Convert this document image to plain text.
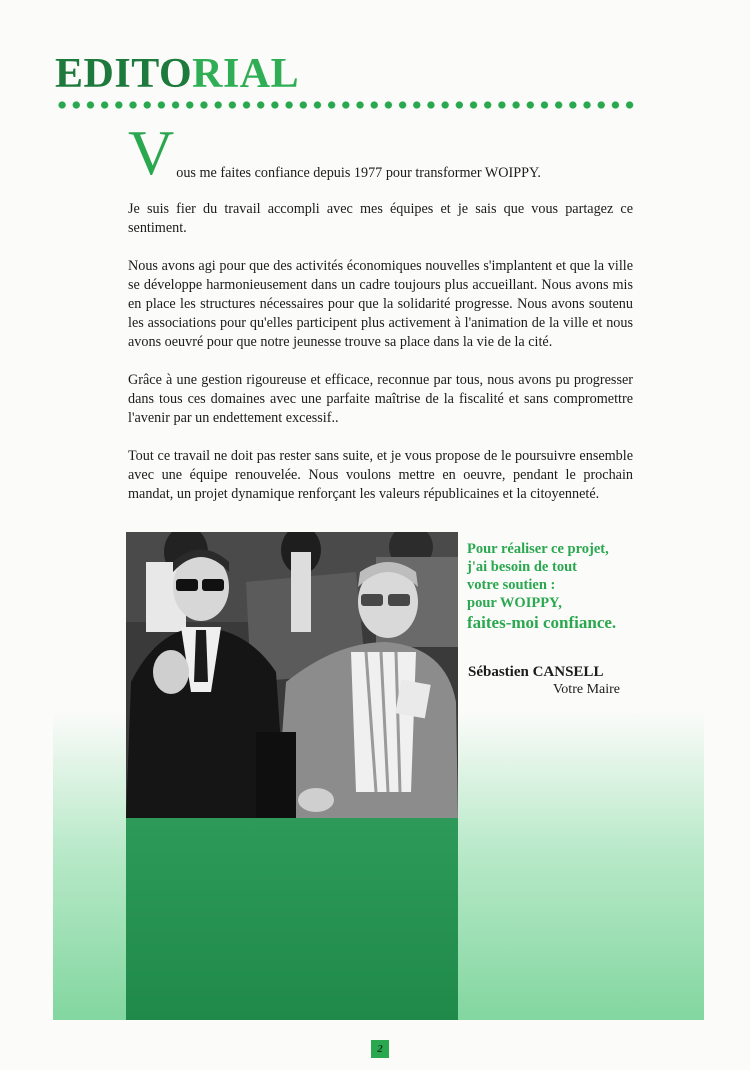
EDITORIAL
V ous me faites confiance depuis 1977 pour transformer WOIPPY.

Je suis fier du travail accompli avec mes équipes et je sais que vous partagez ce sentiment.

Nous avons agi pour que des activités économiques nouvelles s'implantent et que la ville se développe harmonieusement dans un cadre toujours plus accueillant. Nous avons mis en place les structures nécessaires pour que la solidarité progresse. Nous avons soutenu les associations pour qu'elles participent plus activement à l'animation de la ville et nous avons oeuvré pour que notre jeunesse trouve sa place dans la vie de la cité.

Grâce à une gestion rigoureuse et efficace, reconnue par tous, nous avons pu progresser dans tous ces domaines avec une parfaite maîtrise de la fiscalité et sans compromettre l'avenir par un endettement excessif..

Tout ce travail ne doit pas rester sans suite, et je vous propose de le poursuivre ensemble avec une équipe renouvelée. Nous voulons mettre en oeuvre, pendant le prochain mandat, un projet dynamique renforçant les valeurs républicaines et la citoyenneté.

Pour réaliser ce projet,
j'ai besoin de tout
votre soutien :
pour WOIPPY,
faites-moi confiance.
Sébastien CANSELL
Votre Maire
2
